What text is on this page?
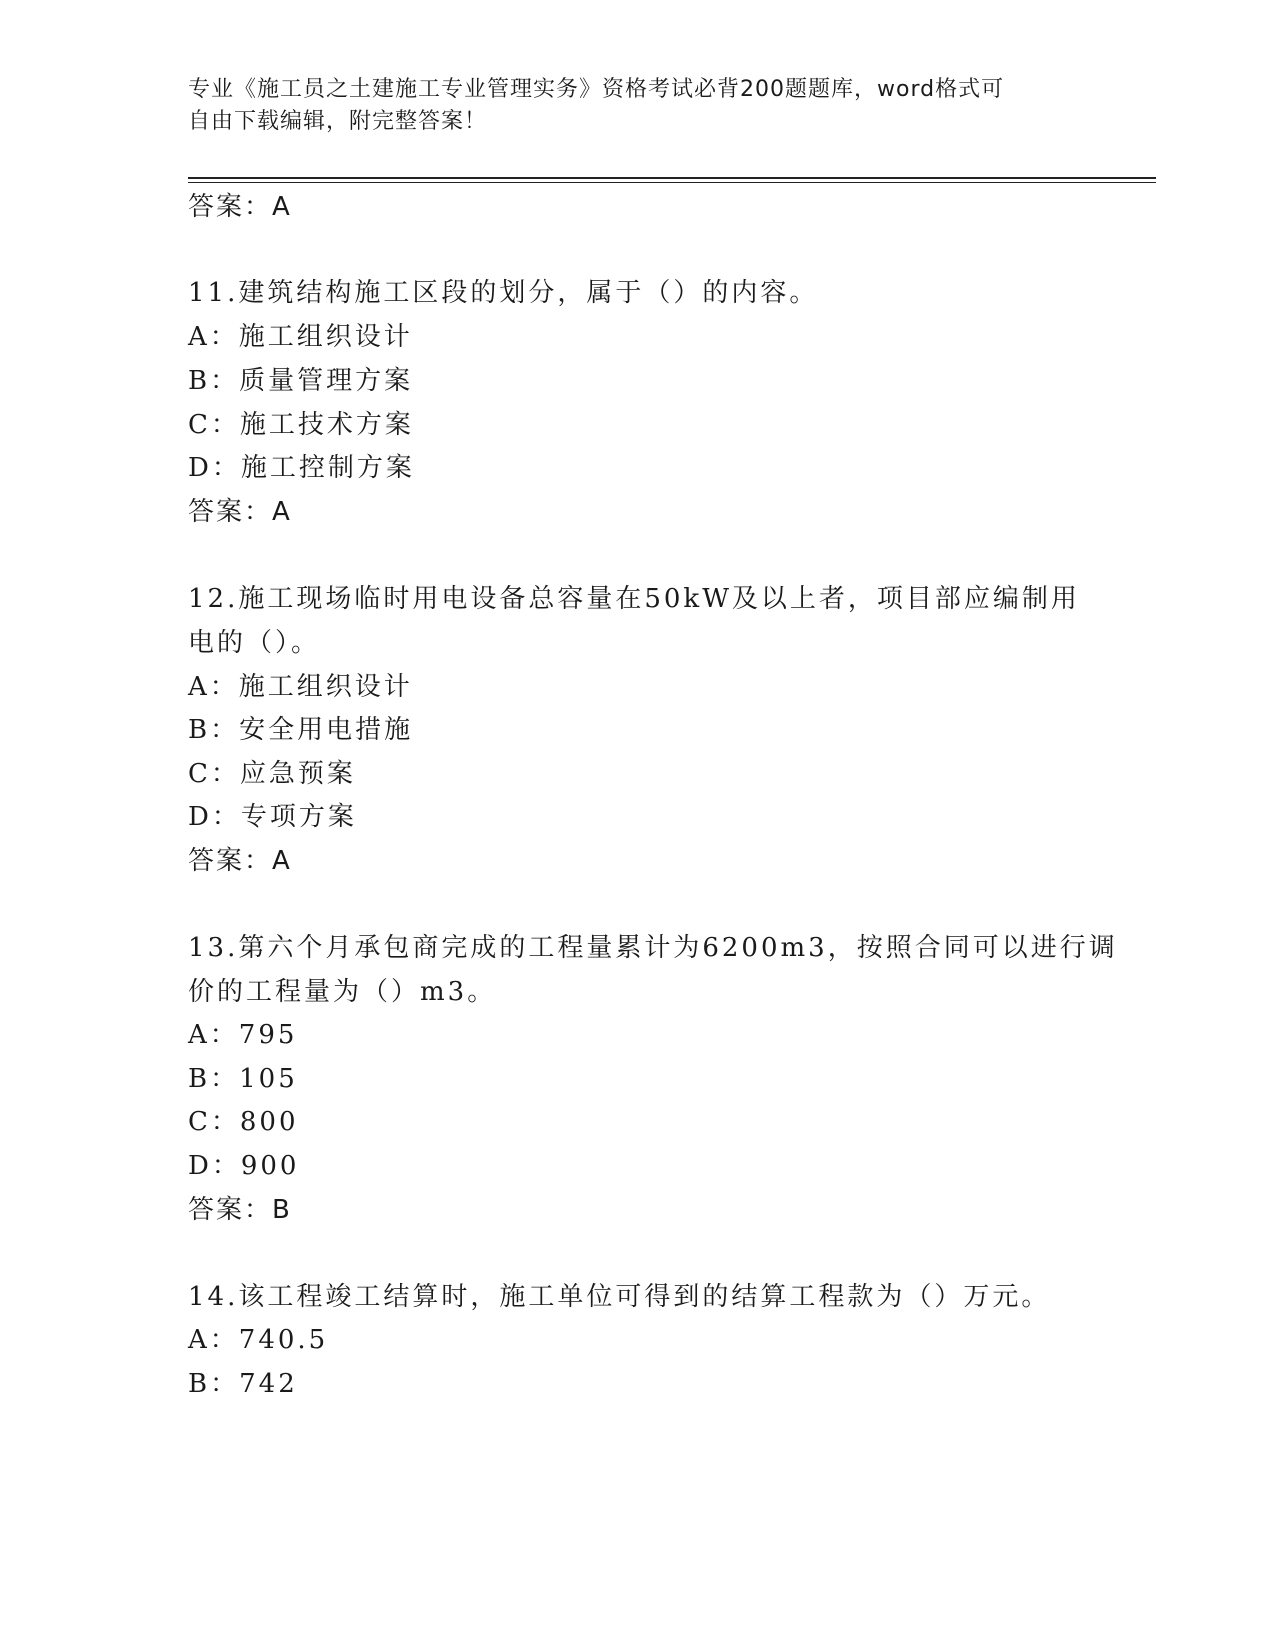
专业《施工员之土建施工专业管理实务》资格考试必背200题题库，word格式可
自由下载编辑，附完整答案！
答案：A
11.建筑结构施工区段的划分，属于（）的内容。
A：施工组织设计
B：质量管理方案
C：施工技术方案
D：施工控制方案
答案：A
12.施工现场临时用电设备总容量在50kW及以上者，项目部应编制用
电的（）。
A：施工组织设计
B：安全用电措施
C：应急预案
D：专项方案
答案：A
13.第六个月承包商完成的工程量累计为6200m3，按照合同可以进行调
价的工程量为（）m3。
A：795
B：105
C：800
D：900
答案：B
14.该工程竣工结算时，施工单位可得到的结算工程款为（）万元。
A：740.5
B：742
